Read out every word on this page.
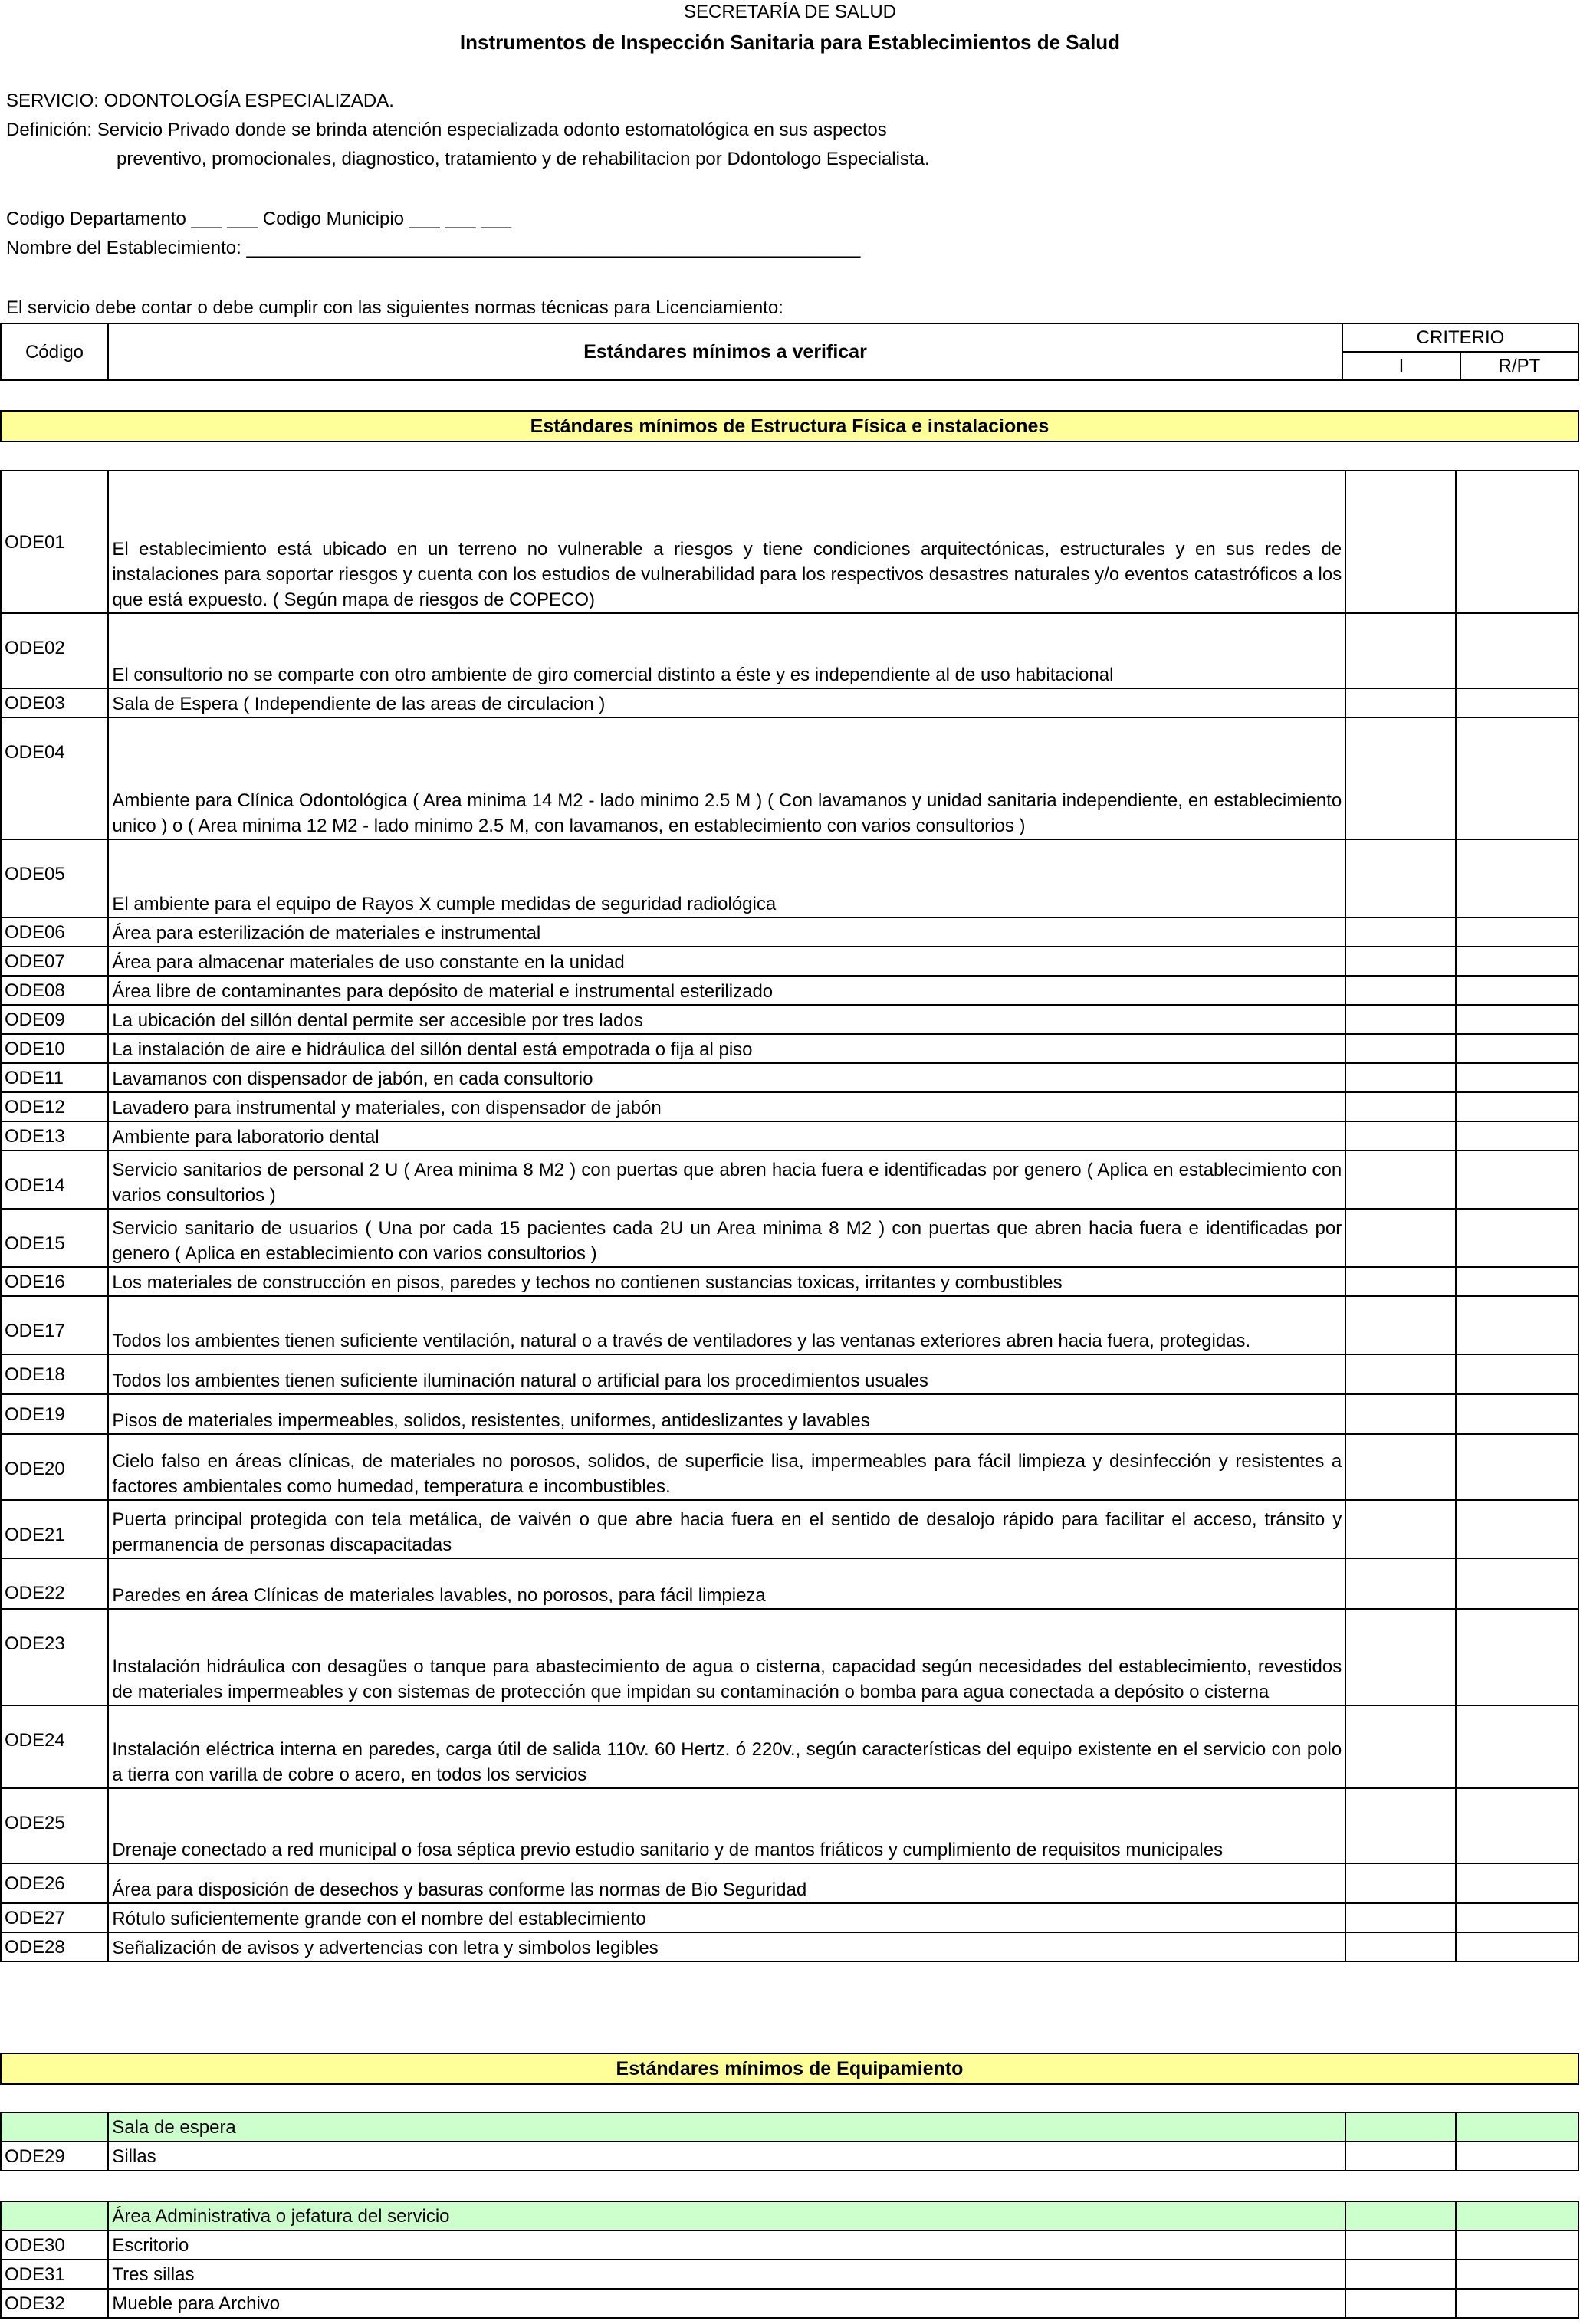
SECRETARÍA DE SALUD
Instrumentos de Inspección Sanitaria para Establecimientos de Salud
SERVICIO: ODONTOLOGÍA ESPECIALIZADA.
Definición: Servicio Privado donde se brinda atención especializada odonto estomatológica en sus aspectos
preventivo, promocionales, diagnostico, tratamiento y de rehabilitacion por Ddontologo Especialista.
Codigo Departamento ___ ___ Codigo Municipio ___ ___ ___
Nombre del Establecimiento: ____________________________________________________________
El servicio debe contar o debe cumplir con las siguientes normas técnicas para Licenciamiento:
Código	Estándares mínimos a verificar	CRITERIO	
		I	R/PT
Estándares mínimos de Estructura Física e instalaciones
ODE01	El establecimiento está ubicado en un terreno no vulnerable a riesgos y tiene condiciones arquitectónicas, estructurales y en sus redes de instalaciones para soportar riesgos y cuenta con los estudios de vulnerabilidad para los respectivos desastres naturales y/o eventos catastróficos a los que está expuesto. ( Según mapa de riesgos de COPECO)		
ODE02	El consultorio no se comparte con otro ambiente de giro comercial distinto a éste y es independiente al de uso habitacional		
ODE03	Sala de Espera ( Independiente de las areas de circulacion )		
ODE04	Ambiente para Clínica Odontológica ( Area minima 14 M2 - lado minimo 2.5 M ) ( Con lavamanos y unidad sanitaria independiente, en establecimiento unico ) o ( Area minima 12 M2 - lado minimo 2.5 M, con lavamanos, en establecimiento con varios consultorios )		
ODE05	El ambiente para el equipo de Rayos X cumple medidas de seguridad radiológica		
ODE06	Área para esterilización de materiales e instrumental		
ODE07	Área para almacenar materiales de uso constante en la unidad		
ODE08	Área libre de contaminantes para depósito de material e instrumental esterilizado		
ODE09	La ubicación del sillón dental permite ser accesible por tres lados		
ODE10	La instalación de aire e hidráulica del sillón dental está empotrada o fija al piso		
ODE11	Lavamanos con dispensador de jabón, en cada consultorio		
ODE12	Lavadero para instrumental y materiales, con dispensador de jabón		
ODE13	Ambiente para laboratorio dental		
ODE14	Servicio sanitarios de personal 2 U ( Area minima 8 M2 ) con puertas que abren hacia fuera e identificadas por genero ( Aplica en establecimiento con varios consultorios )		
ODE15	Servicio sanitario de usuarios ( Una por cada 15 pacientes cada 2U un Area minima 8 M2 ) con puertas que abren hacia fuera e identificadas por genero ( Aplica en establecimiento con varios consultorios )		
ODE16	Los materiales de construcción en pisos, paredes y techos no contienen sustancias toxicas, irritantes y combustibles		
ODE17	Todos los ambientes tienen suficiente ventilación, natural o a través de ventiladores y las ventanas exteriores abren hacia fuera, protegidas.		
ODE18	Todos los ambientes tienen suficiente iluminación natural o artificial para los procedimientos usuales		
ODE19	Pisos de materiales impermeables, solidos, resistentes, uniformes, antideslizantes y lavables		
ODE20	Cielo falso en áreas clínicas, de materiales no porosos, solidos, de superficie lisa, impermeables para fácil limpieza y desinfección y resistentes a factores ambientales como humedad, temperatura e incombustibles.		
ODE21	Puerta principal protegida con tela metálica, de vaivén o que abre hacia fuera en el sentido de desalojo rápido para facilitar el acceso, tránsito y permanencia de personas discapacitadas		
ODE22	Paredes en área Clínicas de materiales lavables, no porosos, para fácil limpieza		
ODE23	Instalación hidráulica con desagües o tanque para abastecimiento de agua o cisterna, capacidad según necesidades del establecimiento, revestidos de materiales impermeables y con sistemas de protección que impidan su contaminación o bomba para agua conectada a depósito o cisterna		
ODE24	Instalación eléctrica interna en paredes, carga útil de salida 110v. 60 Hertz. ó 220v., según características del equipo existente en el servicio con polo a tierra con varilla de cobre o acero, en todos los servicios		
ODE25	Drenaje conectado a red municipal o fosa séptica previo estudio sanitario y de mantos friáticos y cumplimiento de requisitos municipales		
ODE26	Área para disposición de desechos y basuras conforme las normas de Bio Seguridad		
ODE27	Rótulo suficientemente grande con el nombre del establecimiento		
ODE28	Señalización de avisos y advertencias con letra y simbolos legibles		
Estándares mínimos de Equipamiento
	Sala de espera		
ODE29	Sillas		
	Área Administrativa o jefatura del servicio		
ODE30	Escritorio		
ODE31	Tres sillas		
ODE32	Mueble para Archivo		
